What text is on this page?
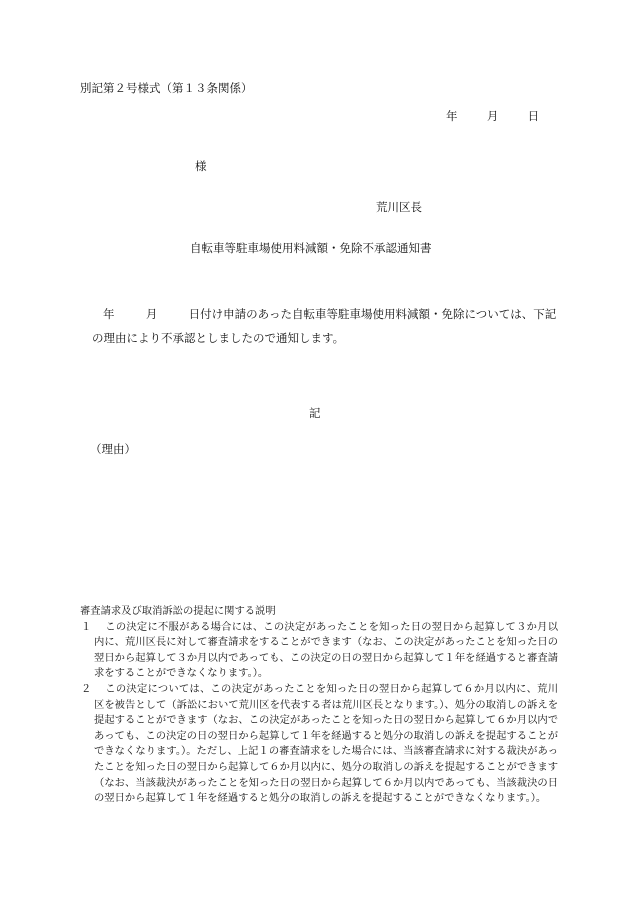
別記第２号様式（第１３条関係）
年	月	日
様
荒川区長
自転車等駐車場使用料減額・免除不承認通知書
年	月	日付け申請のあった自転車等駐車場使用料減額・免除については、下記
の理由により不承認としましたので通知します。
記
（理由）
審査請求及び取消訴訟の提起に関する説明
１	この決定に不服がある場合には、この決定があったことを知った日の翌日から起算して３か月以内に、荒川区長に対して審査請求をすることができます（なお、この決定があったことを知った日の翌日から起算して３か月以内であっても、この決定の日の翌日から起算して１年を経過すると審査請求をすることができなくなります。）。
２	この決定については、この決定があったことを知った日の翌日から起算して６か月以内に、荒川区を被告として（訴訟において荒川区を代表する者は荒川区長となります。）、処分の取消しの訴えを提起することができます（なお、この決定があったことを知った日の翌日から起算して６か月以内であっても、この決定の日の翌日から起算して１年を経過すると処分の取消しの訴えを提起することができなくなります。）。ただし、上記１の審査請求をした場合には、当該審査請求に対する裁決があったことを知った日の翌日から起算して６か月以内に、処分の取消しの訴えを提起することができます（なお、当該裁決があったことを知った日の翌日から起算して６か月以内であっても、当該裁決の日の翌日から起算して１年を経過すると処分の取消しの訴えを提起することができなくなります。）。
